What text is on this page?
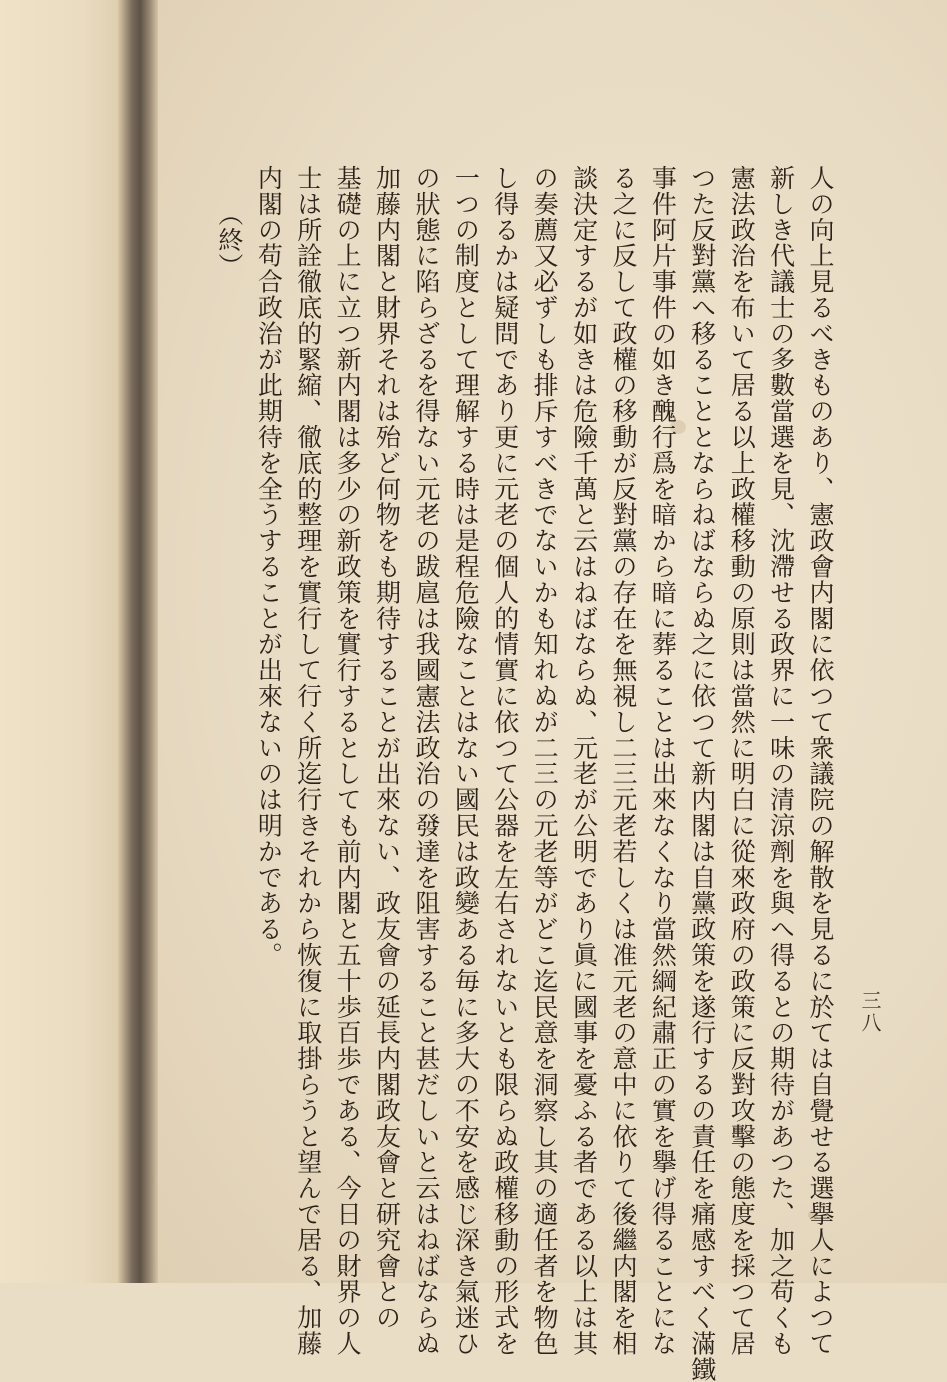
三八
人の向上見るべきものあり、憲政會内閣に依つて衆議院の解散を見るに於ては自覺せる選擧人によつて
新しき代議士の多數當選を見、沈滯せる政界に一味の清涼劑を與へ得るとの期待があつた、加之苟くも
憲法政治を布いて居る以上政權移動の原則は當然に明白に從來政府の政策に反對攻擊の態度を採つて居
つた反對黨へ移ることとならねばならぬ之に依つて新内閣は自黨政策を遂行するの責任を痛感すべく滿鐵
事件阿片事件の如き醜行爲を暗から暗に葬ることは出來なくなり當然綱紀肅正の實を擧げ得ることにな
る之に反して政權の移動が反對黨の存在を無視し二三元老若しくは准元老の意中に依りて後繼内閣を相
談決定するが如きは危險千萬と云はねばならぬ、元老が公明であり眞に國事を憂ふる者である以上は其
の奏薦又必ずしも排斥すべきでないかも知れぬが二三の元老等がどこ迄民意を洞察し其の適任者を物色
し得るかは疑問であり更に元老の個人的情實に依つて公器を左右されないとも限らぬ政權移動の形式を
一つの制度として理解する時は是程危險なことはない國民は政變ある毎に多大の不安を感じ深き氣迷ひ
の狀態に陷らざるを得ない元老の跋扈は我國憲法政治の發達を阻害すること甚だしいと云はねばならぬ
加藤内閣と財界それは殆ど何物をも期待することが出來ない、政友會の延長内閣政友會と研究會との
基礎の上に立つ新内閣は多少の新政策を實行するとしても前内閣と五十歩百歩である、今日の財界の人
士は所詮徹底的緊縮、徹底的整理を實行して行く所迄行きそれから恢復に取掛らうと望んで居る、加藤
内閣の苟合政治が此期待を全うすることが出來ないのは明かである。
（終）
